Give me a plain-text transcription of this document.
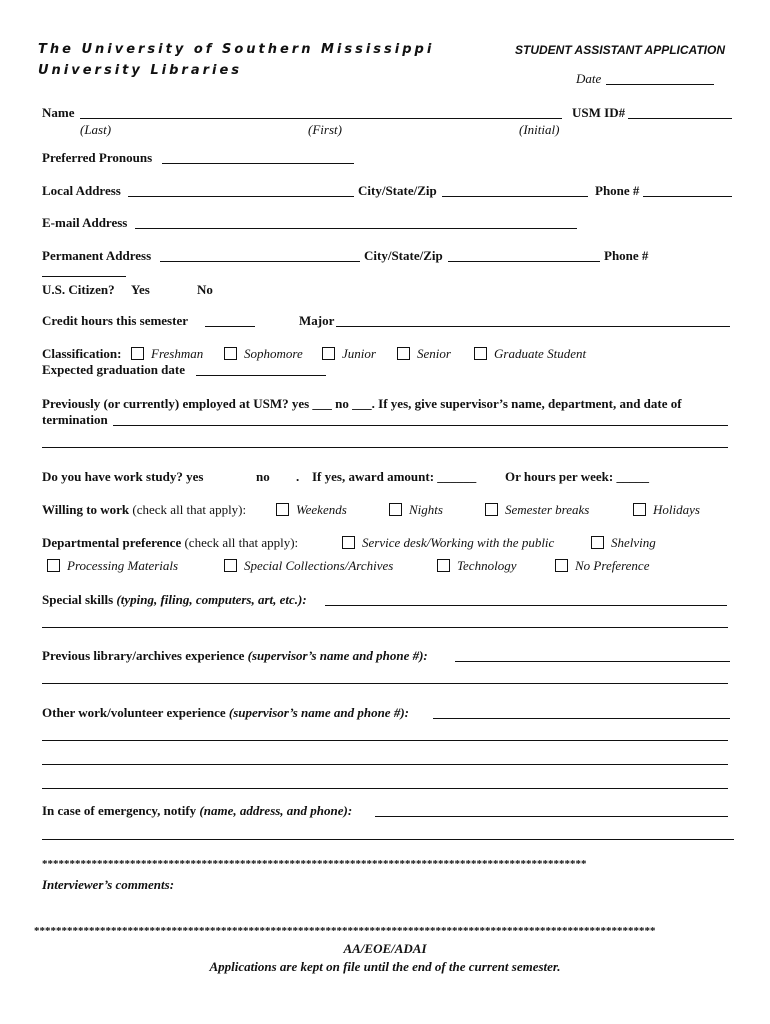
The University of Southern Mississippi
University Libraries
STUDENT ASSISTANT APPLICATION
Date
Name	USM ID#
(Last)	(First)	(Initial)
Preferred Pronouns
Local Address	City/State/Zip	Phone #
E-mail Address
Permanent Address	City/State/Zip	Phone #
U.S. Citizen? Yes	No
Credit hours this semester	Major
Classification:	Freshman	Sophomore	Junior	Senior	Graduate Student
Expected graduation date
Previously (or currently) employed at USM? yes ___ no ___. If yes, give supervisor’s name, department, and date of
termination
Do you have work study? yes	no . If yes, award amount: ______ Or hours per week: _____
Willing to work (check all that apply):	Weekends	Nights	Semester breaks	Holidays
Departmental preference (check all that apply):	Service desk/Working with the public	Shelving
Processing Materials	Special Collections/Archives	Technology	No Preference
Special skills (typing, filing, computers, art, etc.):
Previous library/archives experience (supervisor’s name and phone #):
Other work/volunteer experience (supervisor’s name and phone #):
In case of emergency, notify (name, address, and phone):
***************************************************************************************************
Interviewer’s comments:
*****************************************************************************************************************
AA/EOE/ADAI
Applications are kept on file until the end of the current semester.
